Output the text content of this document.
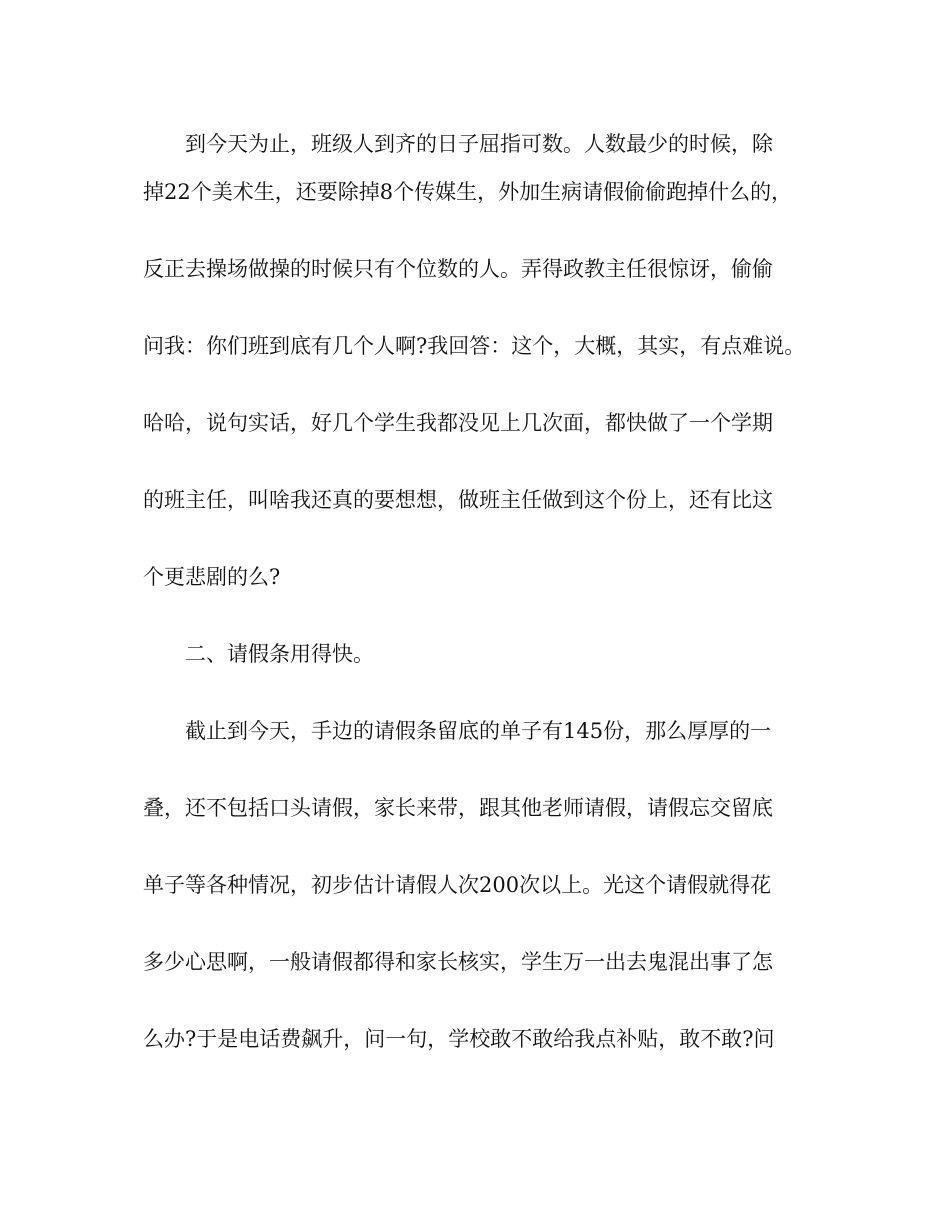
到今天为止，班级人到齐的日子屈指可数。人数最少的时候，除

掉22个美术生，还要除掉8个传媒生，外加生病请假偷偷跑掉什么的，

反正去操场做操的时候只有个位数的人。弄得政教主任很惊讶，偷偷

问我：你们班到底有几个人啊?我回答：这个，大概，其实，有点难说。

哈哈，说句实话，好几个学生我都没见上几次面，都快做了一个学期

的班主任，叫啥我还真的要想想，做班主任做到这个份上，还有比这

个更悲剧的么?

二、请假条用得快。

截止到今天，手边的请假条留底的单子有145份，那么厚厚的一

叠，还不包括口头请假，家长来带，跟其他老师请假，请假忘交留底

单子等各种情况，初步估计请假人次200次以上。光这个请假就得花

多少心思啊，一般请假都得和家长核实，学生万一出去鬼混出事了怎

么办?于是电话费飙升，问一句，学校敢不敢给我点补贴，敢不敢?问
